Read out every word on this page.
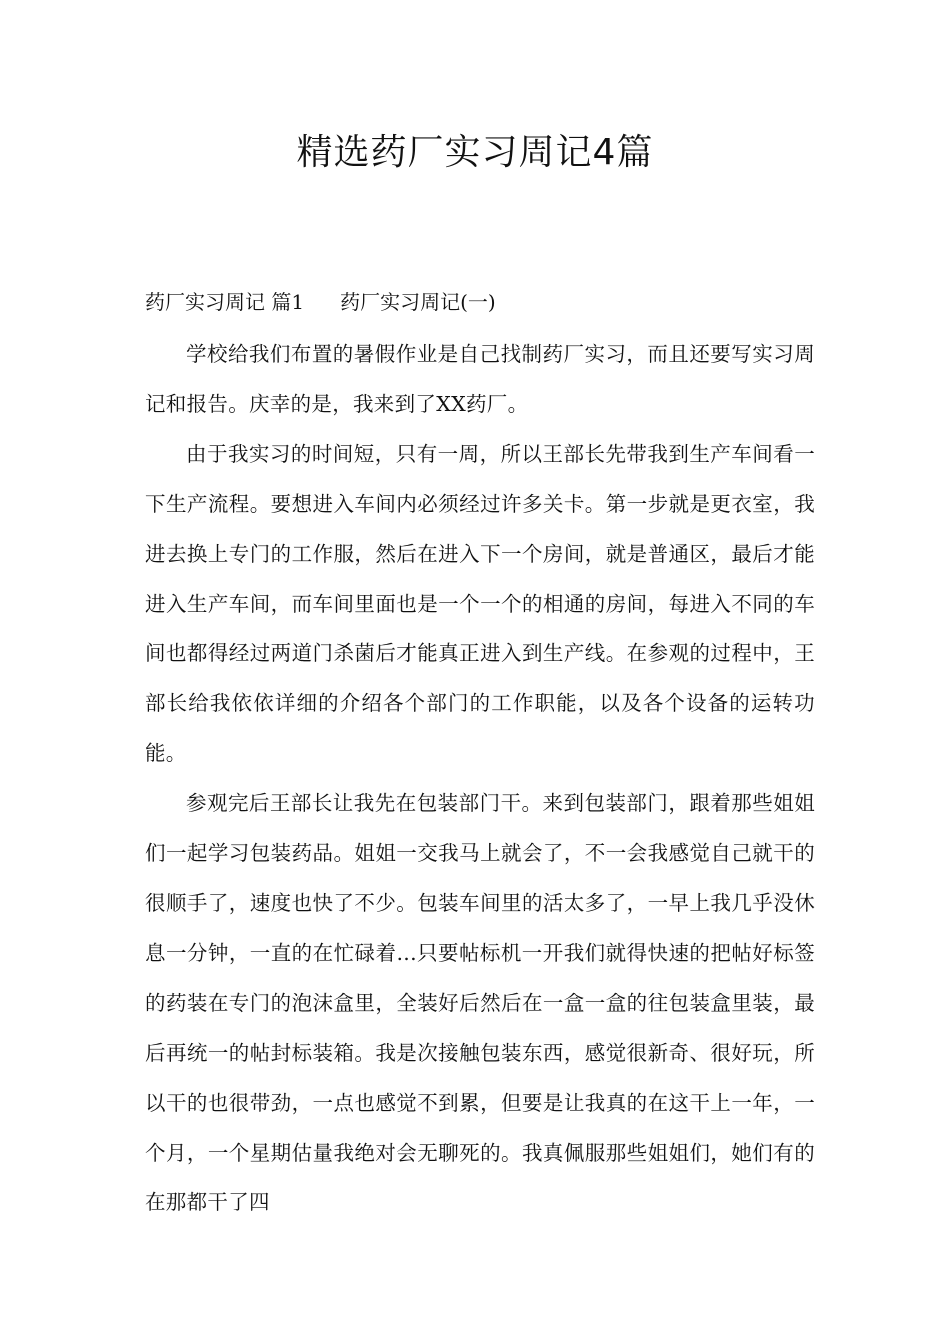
精选药厂实习周记4篇
药厂实习周记 篇1 药厂实习周记(一)

学校给我们布置的暑假作业是自己找制药厂实习，而且还要写实习周记和报告。庆幸的是，我来到了XX药厂。

由于我实习的时间短，只有一周，所以王部长先带我到生产车间看一下生产流程。要想进入车间内必须经过许多关卡。第一步就是更衣室，我进去换上专门的工作服，然后在进入下一个房间，就是普通区，最后才能进入生产车间，而车间里面也是一个一个的相通的房间，每进入不同的车间也都得经过两道门杀菌后才能真正进入到生产线。在参观的过程中，王部长给我依依详细的介绍各个部门的工作职能，以及各个设备的运转功能。

参观完后王部长让我先在包装部门干。来到包装部门，跟着那些姐姐们一起学习包装药品。姐姐一交我马上就会了，不一会我感觉自己就干的很顺手了，速度也快了不少。包装车间里的活太多了，一早上我几乎没休息一分钟，一直的在忙碌着...只要帖标机一开我们就得快速的把帖好标签的药装在专门的泡沫盒里，全装好后然后在一盒一盒的往包装盒里装，最后再统一的帖封标装箱。我是次接触包装东西，感觉很新奇、很好玩，所以干的也很带劲，一点也感觉不到累，但要是让我真的在这干上一年，一个月，一个星期估量我绝对会无聊死的。我真佩服那些姐姐们，她们有的在那都干了四
